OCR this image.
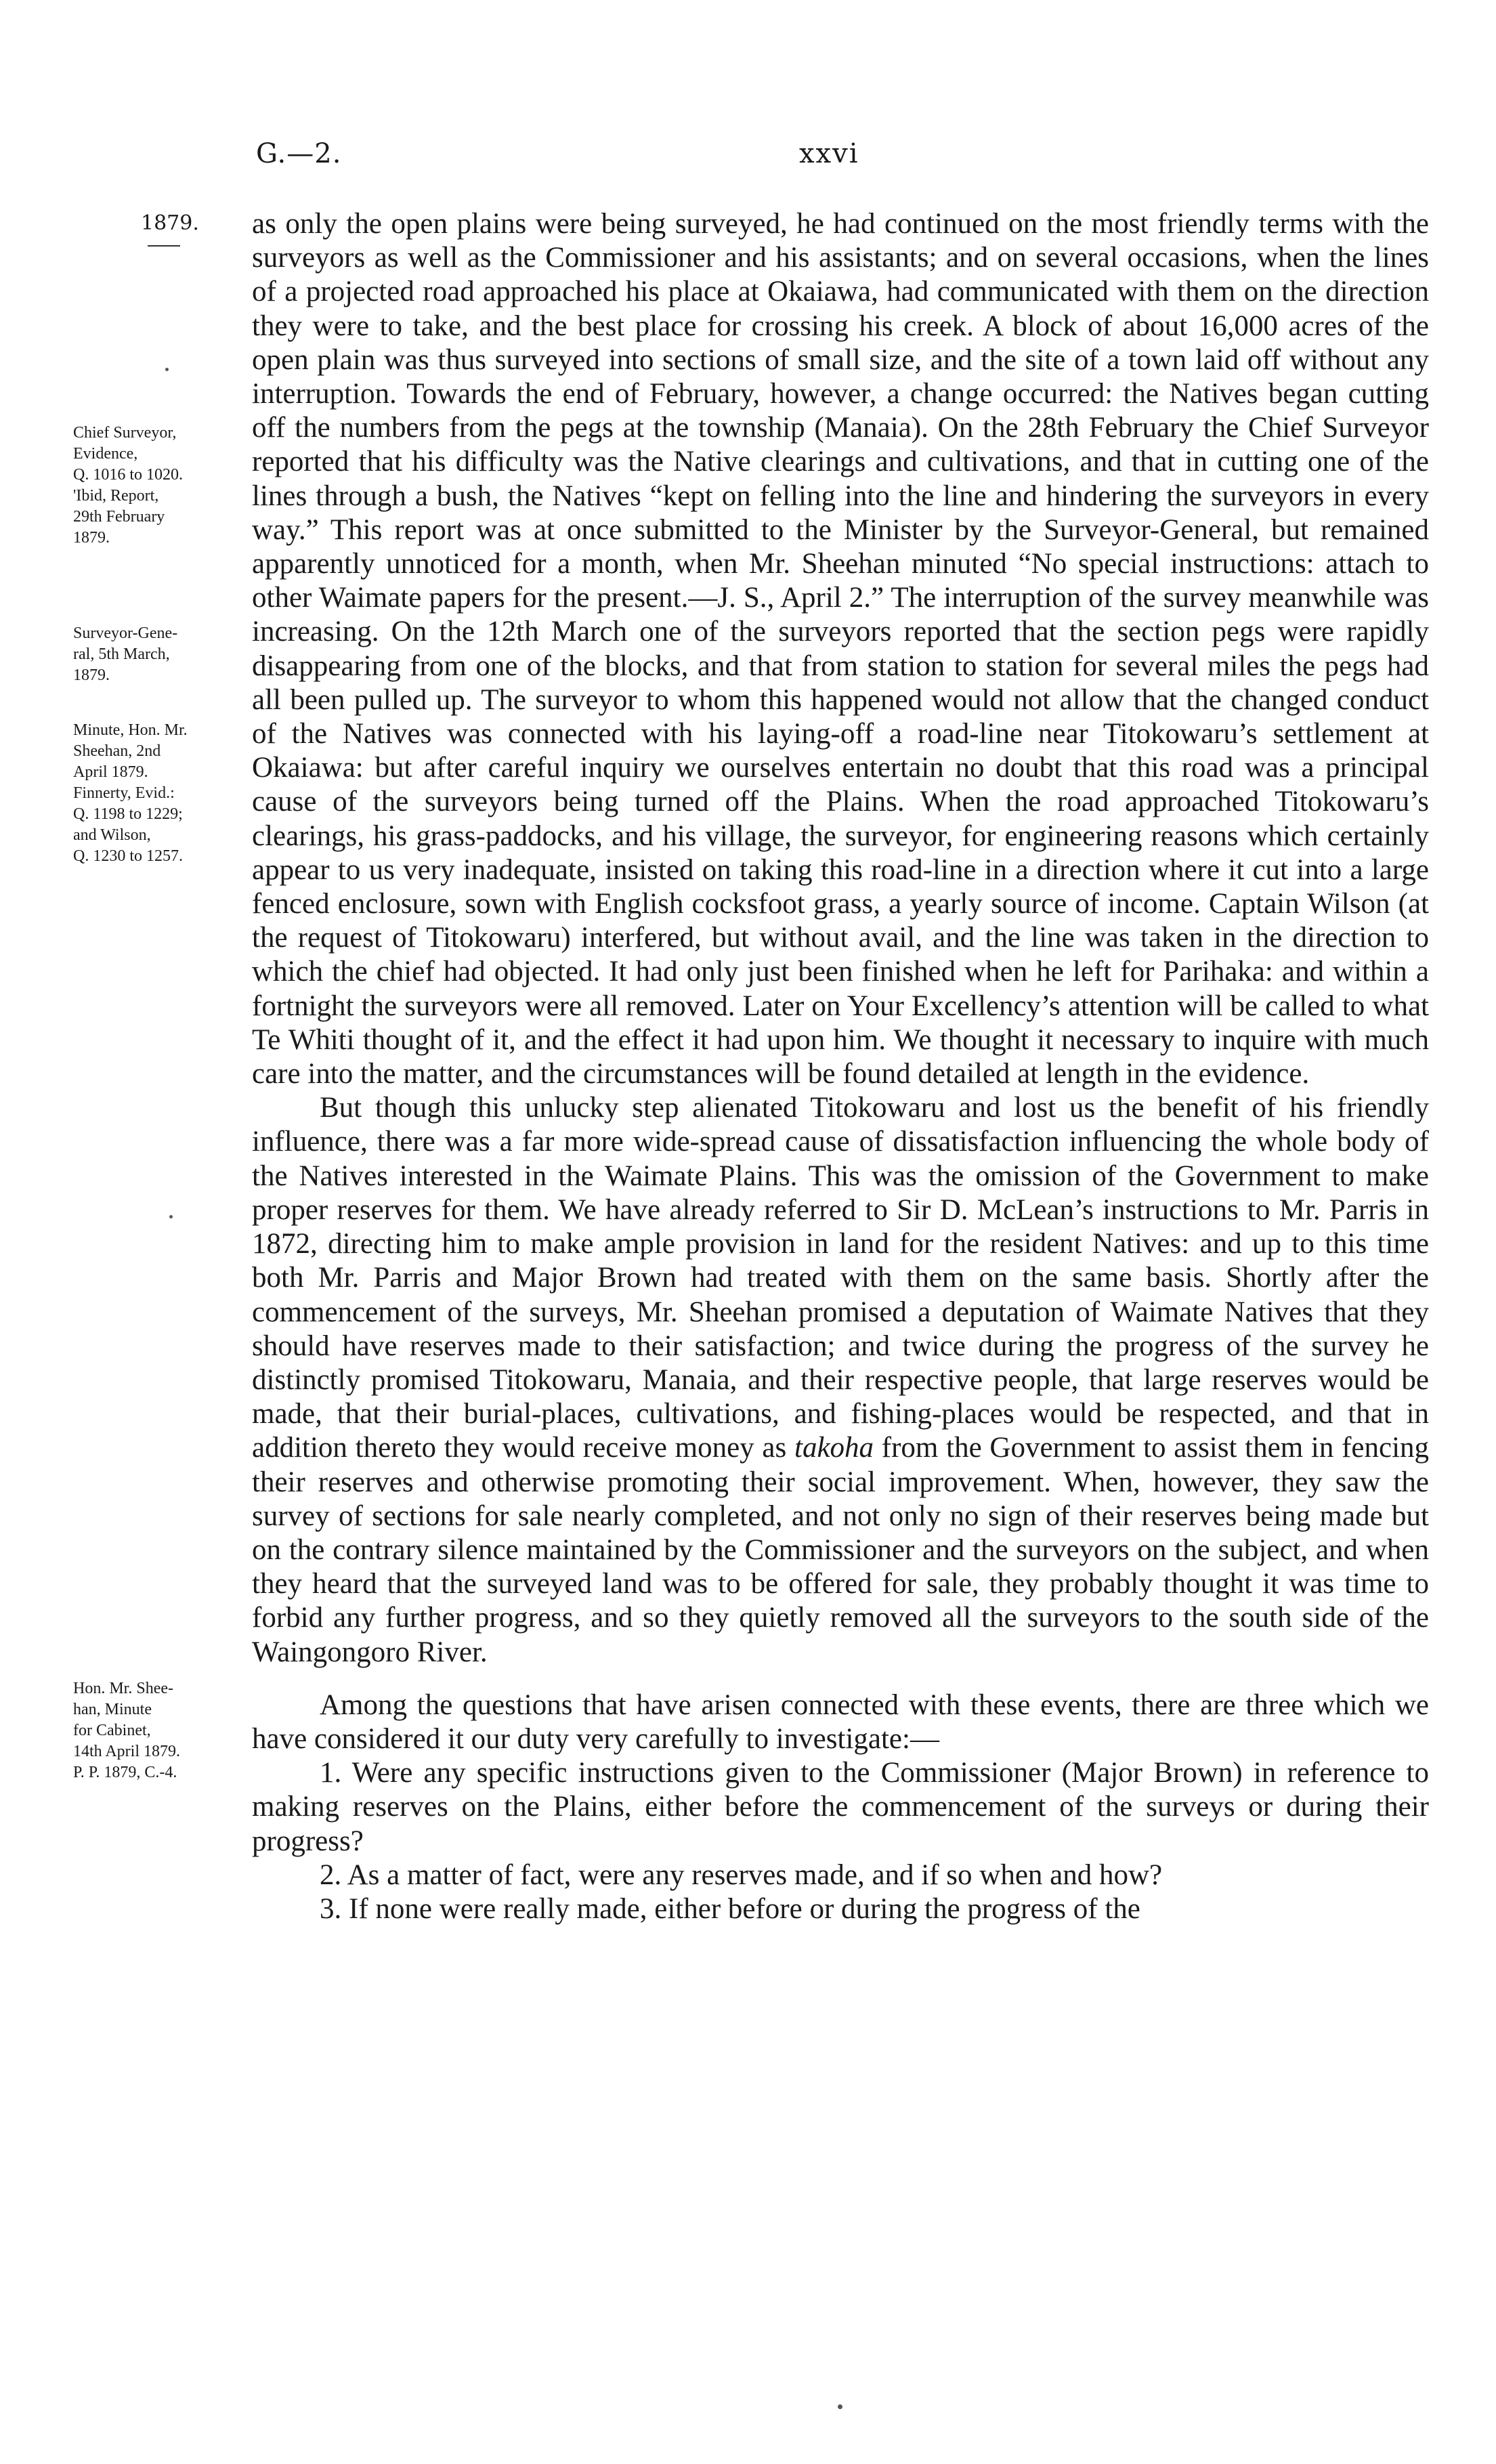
G.—2.	xxvi
1879.
Chief Surveyor,
Evidence,
Q. 1016 to 1020.
'Ibid, Report,
29th February
1879.
Surveyor-Gene-
ral, 5th March,
1879.
Minute, Hon. Mr.
Sheehan, 2nd
April 1879.
Finnerty, Evid.:
Q. 1198 to 1229;
and Wilson,
Q. 1230 to 1257.
Hon. Mr. Shee-
han, Minute
for Cabinet,
14th April 1879.
P. P. 1879, C.-4.

as only the open plains were being surveyed, he had continued on the most friendly terms with the surveyors as well as the Commissioner and his assistants; and on several occasions, when the lines of a projected road approached his place at Okaiawa, had communicated with them on the direction they were to take, and the best place for crossing his creek. A block of about 16,000 acres of the open plain was thus surveyed into sections of small size, and the site of a town laid off without any interruption. Towards the end of February, however, a change occurred: the Natives began cutting off the numbers from the pegs at the township (Manaia). On the 28th February the Chief Surveyor reported that his difficulty was the Native clearings and cultivations, and that in cutting one of the lines through a bush, the Natives “kept on felling into the line and hindering the surveyors in every way.” This report was at once submitted to the Minister by the Surveyor-General, but remained apparently unnoticed for a month, when Mr. Sheehan minuted “No special instructions: attach to other Waimate papers for the present.—J. S., April 2.” The interruption of the survey meanwhile was increasing. On the 12th March one of the surveyors reported that the section pegs were rapidly disappearing from one of the blocks, and that from station to station for several miles the pegs had all been pulled up. The surveyor to whom this happened would not allow that the changed conduct of the Natives was connected with his laying-off a road-line near Titokowaru’s settlement at Okaiawa: but after careful inquiry we ourselves entertain no doubt that this road was a principal cause of the surveyors being turned off the Plains. When the road approached Titokowaru’s clearings, his grass-paddocks, and his village, the surveyor, for engineering reasons which certainly appear to us very inadequate, insisted on taking this road-line in a direction where it cut into a large fenced enclosure, sown with English cocksfoot grass, a yearly source of income. Captain Wilson (at the request of Titokowaru) interfered, but without avail, and the line was taken in the direction to which the chief had objected. It had only just been finished when he left for Parihaka: and within a fortnight the surveyors were all removed. Later on Your Excellency’s attention will be called to what Te Whiti thought of it, and the effect it had upon him. We thought it necessary to inquire with much care into the matter, and the circumstances will be found detailed at length in the evidence.

But though this unlucky step alienated Titokowaru and lost us the benefit of his friendly influence, there was a far more wide-spread cause of dissatisfaction influencing the whole body of the Natives interested in the Waimate Plains. This was the omission of the Government to make proper reserves for them. We have already referred to Sir D. McLean’s instructions to Mr. Parris in 1872, directing him to make ample provision in land for the resident Natives: and up to this time both Mr. Parris and Major Brown had treated with them on the same basis. Shortly after the commencement of the surveys, Mr. Sheehan promised a deputation of Waimate Natives that they should have reserves made to their satisfaction; and twice during the progress of the survey he distinctly promised Titokowaru, Manaia, and their respective people, that large reserves would be made, that their burial-places, cultivations, and fishing-places would be respected, and that in addition thereto they would receive money as takoha from the Government to assist them in fencing their reserves and otherwise promoting their social improvement. When, however, they saw the survey of sections for sale nearly completed, and not only no sign of their reserves being made but on the contrary silence maintained by the Commissioner and the surveyors on the subject, and when they heard that the surveyed land was to be offered for sale, they probably thought it was time to forbid any further progress, and so they quietly removed all the surveyors to the south side of the Waingongoro River.

Among the questions that have arisen connected with these events, there are three which we have considered it our duty very carefully to investigate:—

1. Were any specific instructions given to the Commissioner (Major Brown) in reference to making reserves on the Plains, either before the commencement of the surveys or during their progress?

2. As a matter of fact, were any reserves made, and if so when and how?

3. If none were really made, either before or during the progress of the
